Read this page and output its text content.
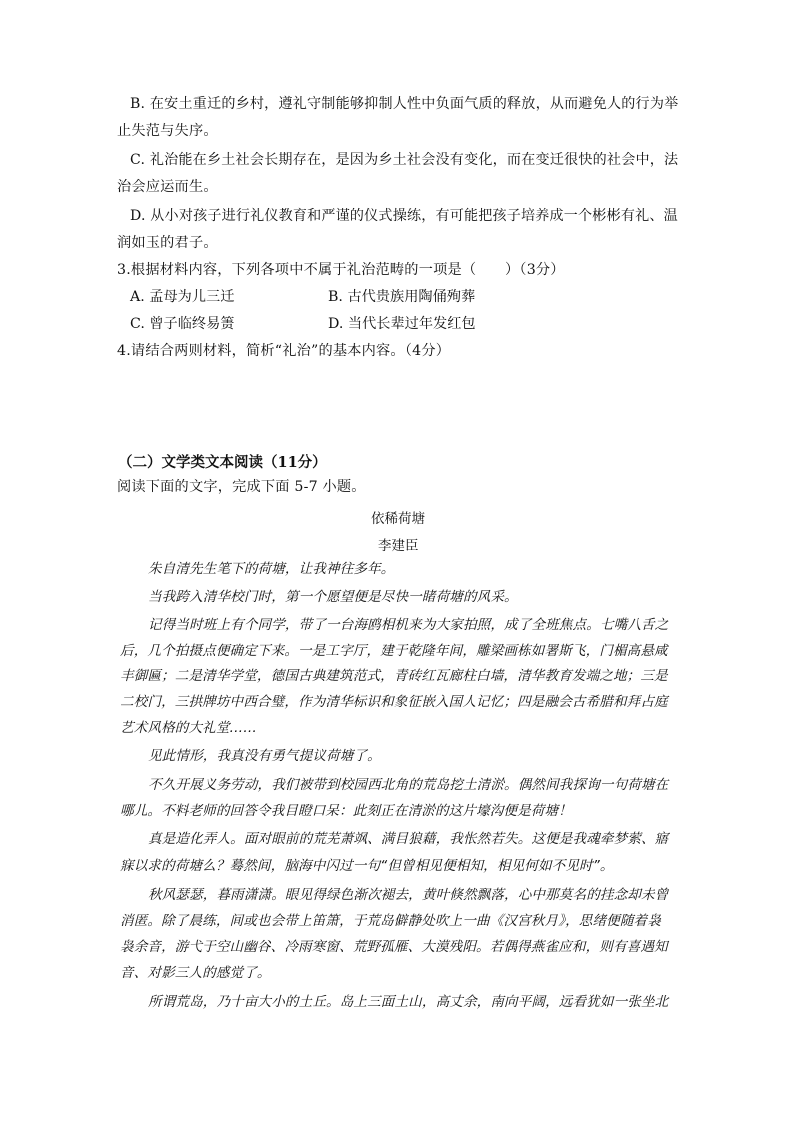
B. 在安土重迁的乡村，遵礼守制能够抑制人性中负面气质的释放，从而避免人的行为举
止失范与失序。
C. 礼治能在乡土社会长期存在，是因为乡土社会没有变化，而在变迁很快的社会中，法
治会应运而生。
D. 从小对孩子进行礼仪教育和严谨的仪式操练，有可能把孩子培养成一个彬彬有礼、温
润如玉的君子。
3.根据材料内容，下列各项中不属于礼治范畴的一项是（　　）（3分）
A. 孟母为儿三迁	B. 古代贵族用陶俑殉葬
C. 曾子临终易箦	D. 当代长辈过年发红包
4.请结合两则材料，简析“礼治”的基本内容。（4分）
（二）文学类文本阅读（11分）
阅读下面的文字，完成下面 5-7 小题。
依稀荷塘
李建臣
朱自清先生笔下的荷塘，让我神往多年。
当我跨入清华校门时，第一个愿望便是尽快一睹荷塘的风采。
记得当时班上有个同学，带了一台海鸥相机来为大家拍照，成了全班焦点。七嘴八舌之
后，几个拍摄点便确定下来。一是工字厅，建于乾隆年间，雕梁画栋如署斯飞，门楣高悬咸
丰御匾；二是清华学堂，德国古典建筑范式，青砖红瓦廊柱白墙，清华教育发端之地；三是
二校门，三拱牌坊中西合璧，作为清华标识和象征嵌入国人记忆；四是融会古希腊和拜占庭
艺术风格的大礼堂……
见此情形，我真没有勇气提议荷塘了。
不久开展义务劳动，我们被带到校园西北角的荒岛挖土清淤。偶然间我探询一句荷塘在
哪儿。不料老师的回答令我目瞪口呆：此刻正在清淤的这片壕沟便是荷塘！
真是造化弄人。面对眼前的荒芜萧飒、满目狼藉，我怅然若失。这便是我魂牵梦萦、寤
寐以求的荷塘么？蓦然间，脑海中闪过一句“但曾相见便相知，相见何如不见时”。
秋风瑟瑟，暮雨潇潇。眼见得绿色渐次褪去，黄叶倏然飘落，心中那莫名的挂念却未曾
消匿。除了晨练，间或也会带上笛箫，于荒岛僻静处吹上一曲《汉宫秋月》，思绪便随着袅
袅余音，游弋于空山幽谷、冷雨寒窗、荒野孤雁、大漠残阳。若偶得燕雀应和，则有喜遇知
音、对影三人的感觉了。
所谓荒岛，乃十亩大小的土丘。岛上三面土山，高丈余，南向平阔，远看犹如一张坐北
